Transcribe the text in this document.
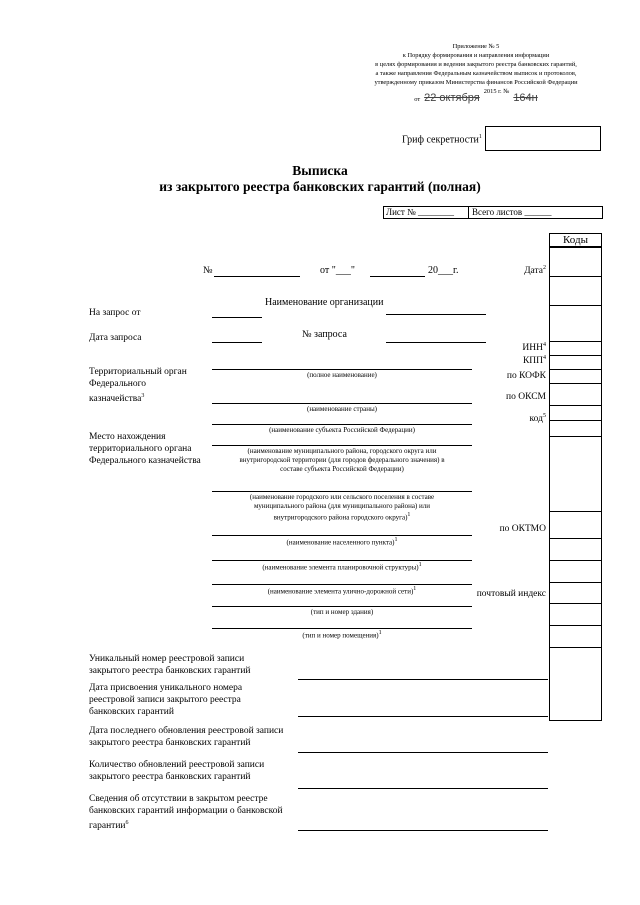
Приложение № 5
к Порядку формирования и направления информации
в целях формирования и ведения закрытого реестра банковских гарантий,
а также направления Федеральным казначейством выписок и протоколов,
утвержденному приказом Министерства финансов Российской Федерации
от 22 октября $^{2015 г. №}$ 164н
Гриф секретности$^1$
Выписка
из закрытого реестра банковских гарантий (полная)
Лист № ________ Всего листов ______
Коды
№	от "___"	20___г.	Дата$^2$
Наименование организации
На запрос от
Дата запроса	№ запроса
ИНН$^4$
КПП$^4$
по КОФК
по ОКСМ
код$^5$
по ОКТМО
почтовый индекс
Территориальный орган
Федерального
казначейства$^3$
(полное наименование)
(наименование страны)
Место нахождения
территориального органа
Федерального казначейства
(наименование субъекта Российской Федерации)
(наименование муниципального района, городского округа или
внутригородской территории (для городов федерального значения) в
составе субъекта Российской Федерации)
(наименование городского или сельского поселения в составе
муниципального района (для муниципального района) или
внутригородского района городского округа)$^1$
(наименование населенного пункта)$^1$
(наименование элемента планировочной структуры)$^1$
(наименование элемента улично-дорожной сети)$^1$
(тип и номер здания)
(тип и номер помещения)$^1$
Уникальный номер реестровой записи
закрытого реестра банковских гарантий
Дата присвоения уникального номера
реестровой записи закрытого реестра
банковских гарантий
Дата последнего обновления реестровой записи
закрытого реестра банковских гарантий
Количество обновлений реестровой записи
закрытого реестра банковских гарантий
Сведения об отсутствии в закрытом реестре
банковских гарантий информации о банковской
гарантии$^6$
